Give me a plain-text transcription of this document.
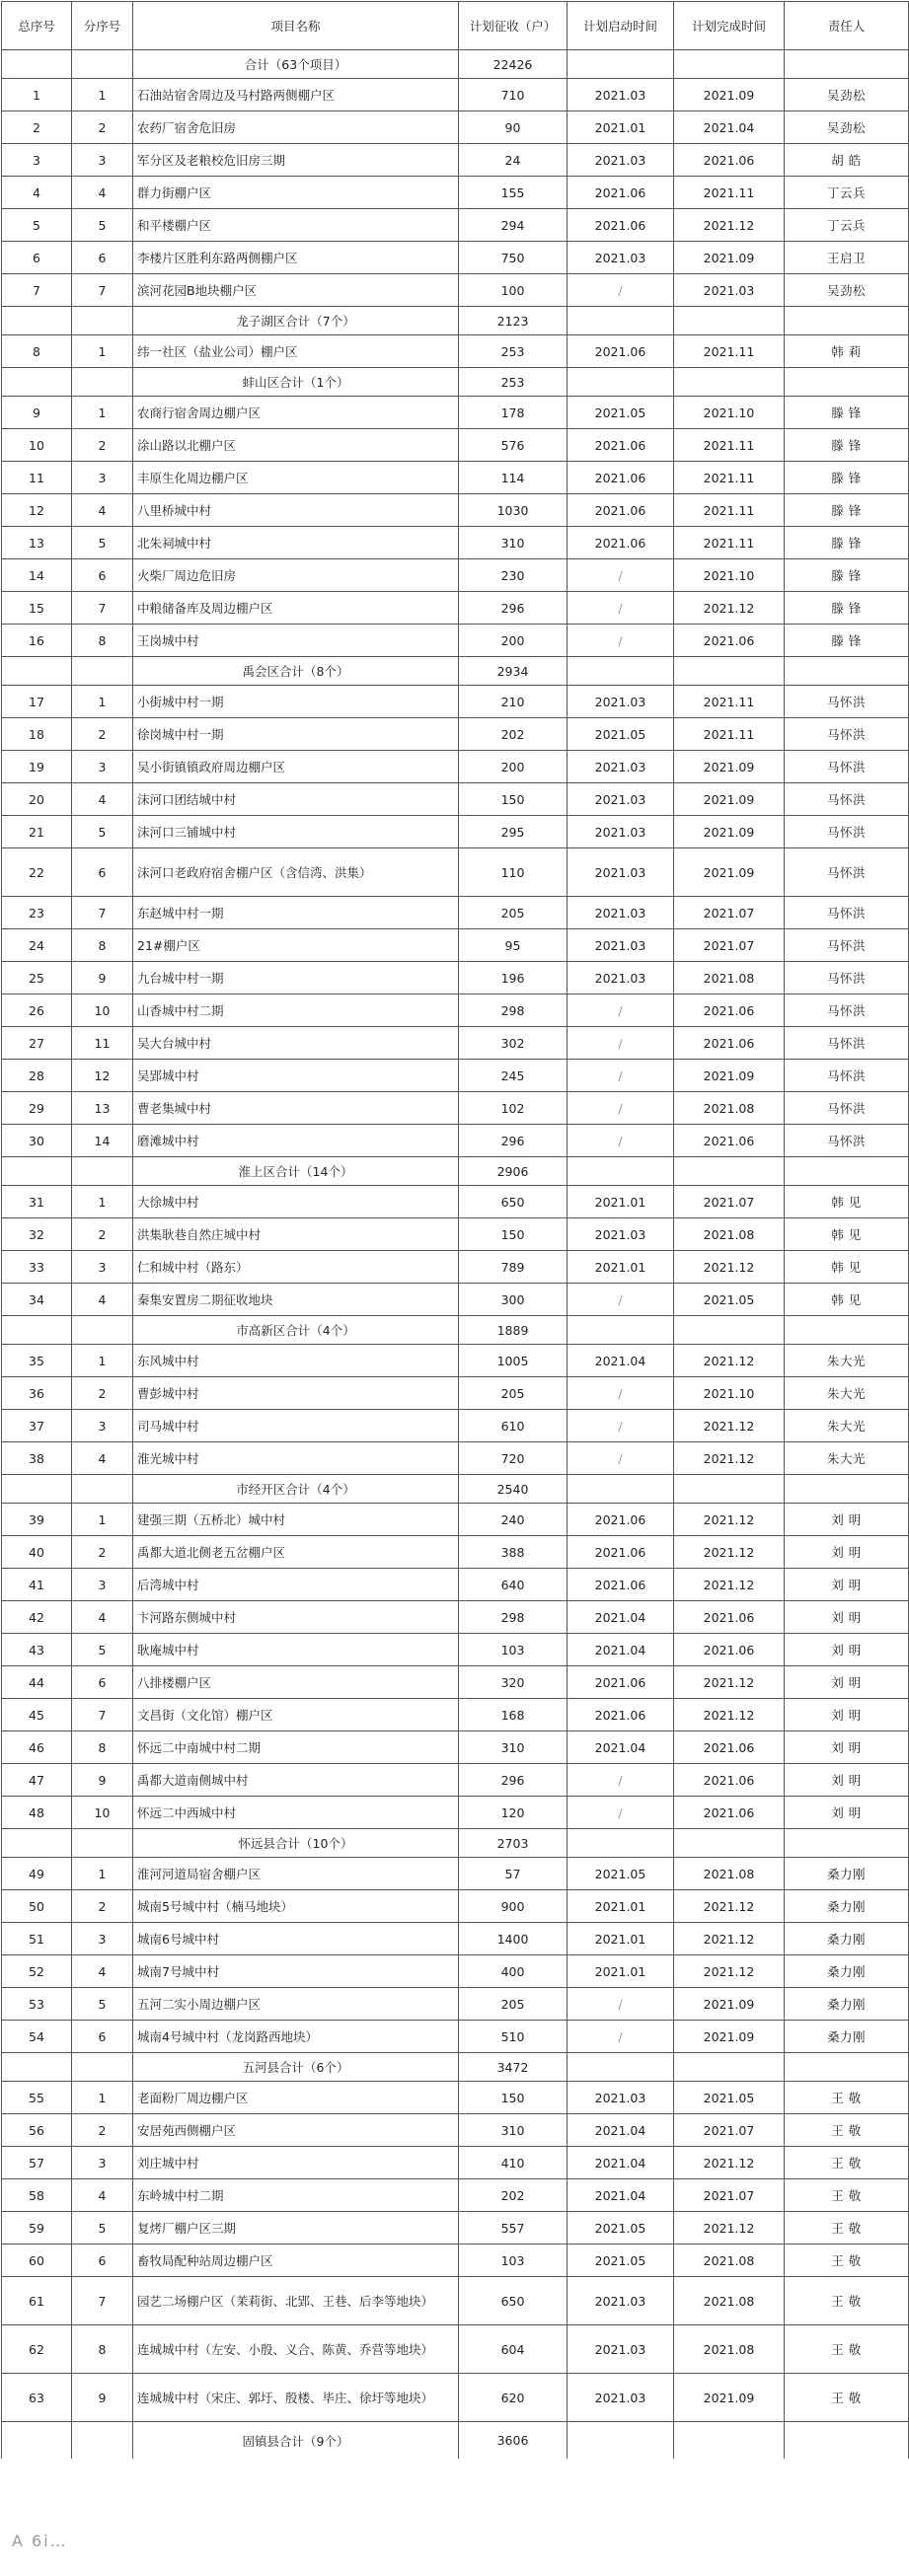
总序号	分序号	项目名称	计划征收（户）	计划启动时间	计划完成时间	责任人
		合计（63个项目）	22426			
1	1	石油站宿舍周边及马村路两侧棚户区	710	2021.03	2021.09	吴劲松
2	2	农药厂宿舍危旧房	90	2021.01	2021.04	吴劲松
3	3	军分区及老粮校危旧房三期	24	2021.03	2021.06	胡 皓
4	4	群力街棚户区	155	2021.06	2021.11	丁云兵
5	5	和平楼棚户区	294	2021.06	2021.12	丁云兵
6	6	李楼片区胜利东路两侧棚户区	750	2021.03	2021.09	王启卫
7	7	滨河花园B地块棚户区	100	/	2021.03	吴劲松
		龙子湖区合计（7个）	2123			
8	1	纬一社区（盐业公司）棚户区	253	2021.06	2021.11	韩 莉
		蚌山区合计（1个）	253			
9	1	农商行宿舍周边棚户区	178	2021.05	2021.10	滕 锋
10	2	涂山路以北棚户区	576	2021.06	2021.11	滕 锋
11	3	丰原生化周边棚户区	114	2021.06	2021.11	滕 锋
12	4	八里桥城中村	1030	2021.06	2021.11	滕 锋
13	5	北朱祠城中村	310	2021.06	2021.11	滕 锋
14	6	火柴厂周边危旧房	230	/	2021.10	滕 锋
15	7	中粮储备库及周边棚户区	296	/	2021.12	滕 锋
16	8	王岗城中村	200	/	2021.06	滕 锋
		禹会区合计（8个）	2934			
17	1	小街城中村一期	210	2021.03	2021.11	马怀洪
18	2	徐岗城中村一期	202	2021.05	2021.11	马怀洪
19	3	吴小街镇镇政府周边棚户区	200	2021.03	2021.09	马怀洪
20	4	沫河口团结城中村	150	2021.03	2021.09	马怀洪
21	5	沫河口三铺城中村	295	2021.03	2021.09	马怀洪
22	6	沫河口老政府宿舍棚户区（含信湾、洪集）	110	2021.03	2021.09	马怀洪
23	7	东赵城中村一期	205	2021.03	2021.07	马怀洪
24	8	21#棚户区	95	2021.03	2021.07	马怀洪
25	9	九台城中村一期	196	2021.03	2021.08	马怀洪
26	10	山香城中村二期	298	/	2021.06	马怀洪
27	11	吴大台城中村	302	/	2021.06	马怀洪
28	12	吴郢城中村	245	/	2021.09	马怀洪
29	13	曹老集城中村	102	/	2021.08	马怀洪
30	14	磨滩城中村	296	/	2021.06	马怀洪
		淮上区合计（14个）	2906			
31	1	大徐城中村	650	2021.01	2021.07	韩 见
32	2	洪集耿巷自然庄城中村	150	2021.03	2021.08	韩 见
33	3	仁和城中村（路东）	789	2021.01	2021.12	韩 见
34	4	秦集安置房二期征收地块	300	/	2021.05	韩 见
		市高新区合计（4个）	1889			
35	1	东风城中村	1005	2021.04	2021.12	朱大光
36	2	曹彭城中村	205	/	2021.10	朱大光
37	3	司马城中村	610	/	2021.12	朱大光
38	4	淮光城中村	720	/	2021.12	朱大光
		市经开区合计（4个）	2540			
39	1	建强三期（五桥北）城中村	240	2021.06	2021.12	刘 明
40	2	禹都大道北侧老五岔棚户区	388	2021.06	2021.12	刘 明
41	3	后湾城中村	640	2021.06	2021.12	刘 明
42	4	卞河路东侧城中村	298	2021.04	2021.06	刘 明
43	5	耿庵城中村	103	2021.04	2021.06	刘 明
44	6	八排楼棚户区	320	2021.06	2021.12	刘 明
45	7	文昌街（文化馆）棚户区	168	2021.06	2021.12	刘 明
46	8	怀远二中南城中村二期	310	2021.04	2021.06	刘 明
47	9	禹都大道南侧城中村	296	/	2021.06	刘 明
48	10	怀远二中西城中村	120	/	2021.06	刘 明
		怀远县合计（10个）	2703			
49	1	淮河河道局宿舍棚户区	57	2021.05	2021.08	桑力刚
50	2	城南5号城中村（楠马地块）	900	2021.01	2021.12	桑力刚
51	3	城南6号城中村	1400	2021.01	2021.12	桑力刚
52	4	城南7号城中村	400	2021.01	2021.12	桑力刚
53	5	五河二实小周边棚户区	205	/	2021.09	桑力刚
54	6	城南4号城中村（龙岗路西地块）	510	/	2021.09	桑力刚
		五河县合计（6个）	3472			
55	1	老面粉厂周边棚户区	150	2021.03	2021.05	王 敬
56	2	安居苑西侧棚户区	310	2021.04	2021.07	王 敬
57	3	刘庄城中村	410	2021.04	2021.12	王 敬
58	4	东岭城中村二期	202	2021.04	2021.07	王 敬
59	5	复烤厂棚户区三期	557	2021.05	2021.12	王 敬
60	6	畜牧局配种站周边棚户区	103	2021.05	2021.08	王 敬
61	7	园艺二场棚户区（茉莉街、北郢、王巷、后李等地块）	650	2021.03	2021.08	王 敬
62	8	连城城中村（左安、小殷、义合、陈黄、乔营等地块）	604	2021.03	2021.08	王 敬
63	9	连城城中村（宋庄、郭圩、殷楼、毕庄、徐圩等地块）	620	2021.03	2021.09	王 敬
		固镇县合计（9个）	3606			
A 6i…
